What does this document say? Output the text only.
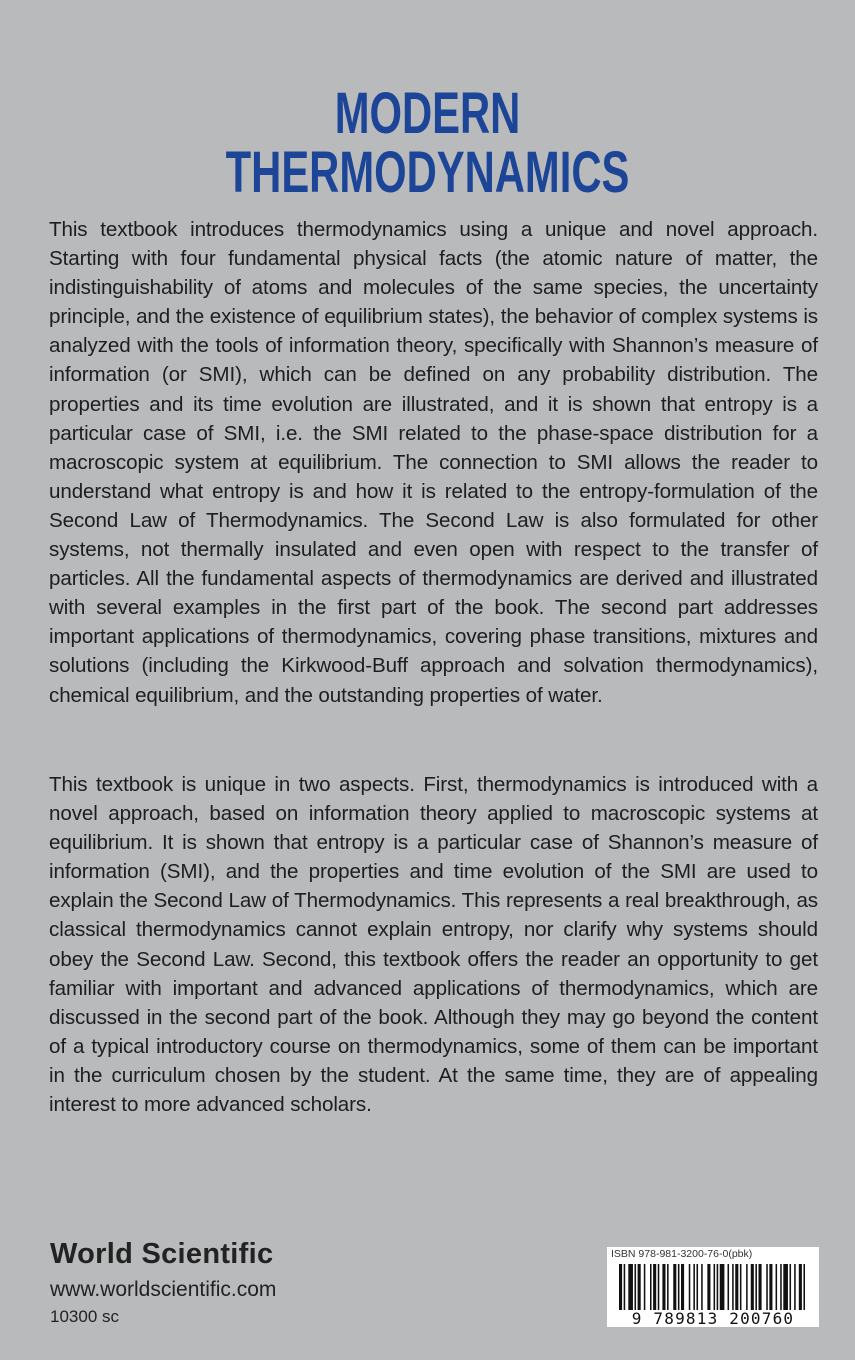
MODERN
THERMODYNAMICS

This textbook introduces thermodynamics using a unique and novel approach. Starting with four fundamental physical facts (the atomic nature of matter, the indistinguishability of atoms and molecules of the same species, the uncertainty principle, and the existence of equilibrium states), the behavior of complex systems is analyzed with the tools of information theory, specifically with Shannon’s measure of information (or SMI), which can be defined on any probability distribution. The properties and its time evolution are illustrated, and it is shown that entropy is a particular case of SMI, i.e. the SMI related to the phase-space distribution for a macroscopic system at equilibrium. The connection to SMI allows the reader to understand what entropy is and how it is related to the entropy-formulation of the Second Law of Thermodynamics. The Second Law is also formulated for other systems, not thermally insulated and even open with respect to the transfer of particles. All the fundamental aspects of thermodynamics are derived and illustrated with several examples in the first part of the book. The second part addresses important applications of thermodynamics, covering phase transitions, mixtures and solutions (including the Kirkwood-Buff approach and solvation thermodynamics), chemical equilibrium, and the outstanding properties of water.

This textbook is unique in two aspects. First, thermodynamics is introduced with a novel approach, based on information theory applied to macroscopic systems at equilibrium. It is shown that entropy is a particular case of Shannon’s measure of information (SMI), and the properties and time evolution of the SMI are used to explain the Second Law of Thermodynamics. This represents a real breakthrough, as classical thermodynamics cannot explain entropy, nor clarify why systems should obey the Second Law. Second, this textbook offers the reader an opportunity to get familiar with important and advanced applications of thermodynamics, which are discussed in the second part of the book. Although they may go beyond the content of a typical introductory course on thermodynamics, some of them can be important in the curriculum chosen by the student. At the same time, they are of appealing interest to more advanced scholars.

World Scientific
www.worldscientific.com
10300 sc
ISBN 978-981-3200-76-0(pbk)
9 789813 200760
